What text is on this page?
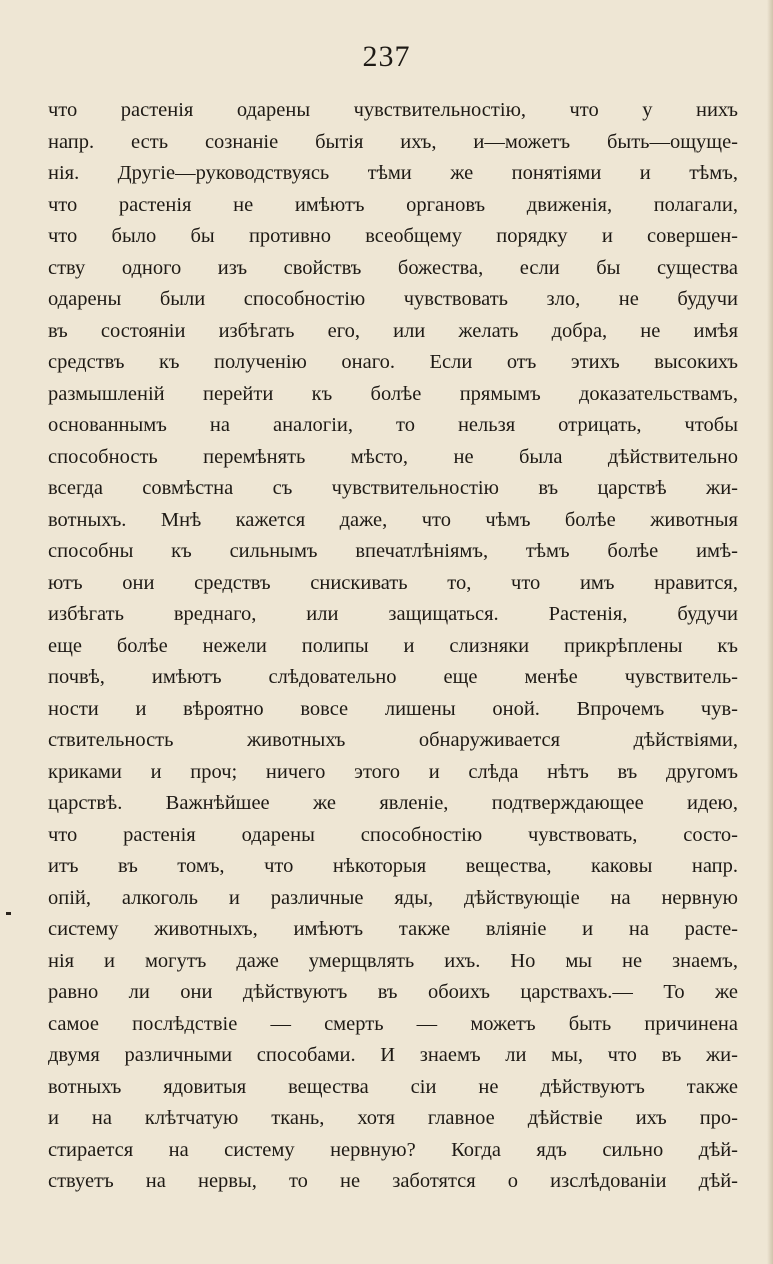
237
что растенія одарены чувствительностію, что у нихъ
напр. есть сознаніе бытія ихъ, и—можетъ быть—ощуще-
нія. Другіе—руководствуясь тѣми же понятіями и тѣмъ,
что растенія не имѣютъ органовъ движенія, полагали,
что было бы противно всеобщему порядку и совершен-
ству одного изъ свойствъ божества, если бы существа
одарены были способностію чувствовать зло, не будучи
въ состояніи избѣгать его, или желать добра, не имѣя
средствъ къ полученію онаго. Если отъ этихъ высокихъ
размышленій перейти къ болѣе прямымъ доказательствамъ,
основаннымъ на аналогіи, то нельзя отрицать, чтобы
способность перемѣнять мѣсто, не была дѣйствительно
всегда совмѣстна съ чувствительностію въ царствѣ жи-
вотныхъ. Мнѣ кажется даже, что чѣмъ болѣе животныя
способны къ сильнымъ впечатлѣніямъ, тѣмъ болѣе имѣ-
ютъ они средствъ снискивать то, что имъ нравится,
избѣгать вреднаго, или защищаться. Растенія, будучи
еще болѣе нежели полипы и слизняки прикрѣплены къ
почвѣ, имѣютъ слѣдовательно еще менѣе чувствитель-
ности и вѣроятно вовсе лишены оной. Впрочемъ чув-
ствительность животныхъ обнаруживается дѣйствіями,
криками и проч; ничего этого и слѣда нѣтъ въ другомъ
царствѣ. Важнѣйшее же явленіе, подтверждающее идею,
что растенія одарены способностію чувствовать, состо-
итъ въ томъ, что нѣкоторыя вещества, каковы напр.
опій, алкоголь и различные яды, дѣйствующіе на нервную
систему животныхъ, имѣютъ также вліяніе и на расте-
нія и могутъ даже умерщвлять ихъ. Но мы не знаемъ,
равно ли они дѣйствуютъ въ обоихъ царствахъ.— То же
самое послѣдствіе — смерть — можетъ быть причинена
двумя различными способами. И знаемъ ли мы, что въ жи-
вотныхъ ядовитыя вещества сіи не дѣйствуютъ также
и на клѣтчатую ткань, хотя главное дѣйствіе ихъ про-
стирается на систему нервную? Когда ядъ сильно дѣй-
ствуетъ на нервы, то не заботятся о изслѣдованіи дѣй-
